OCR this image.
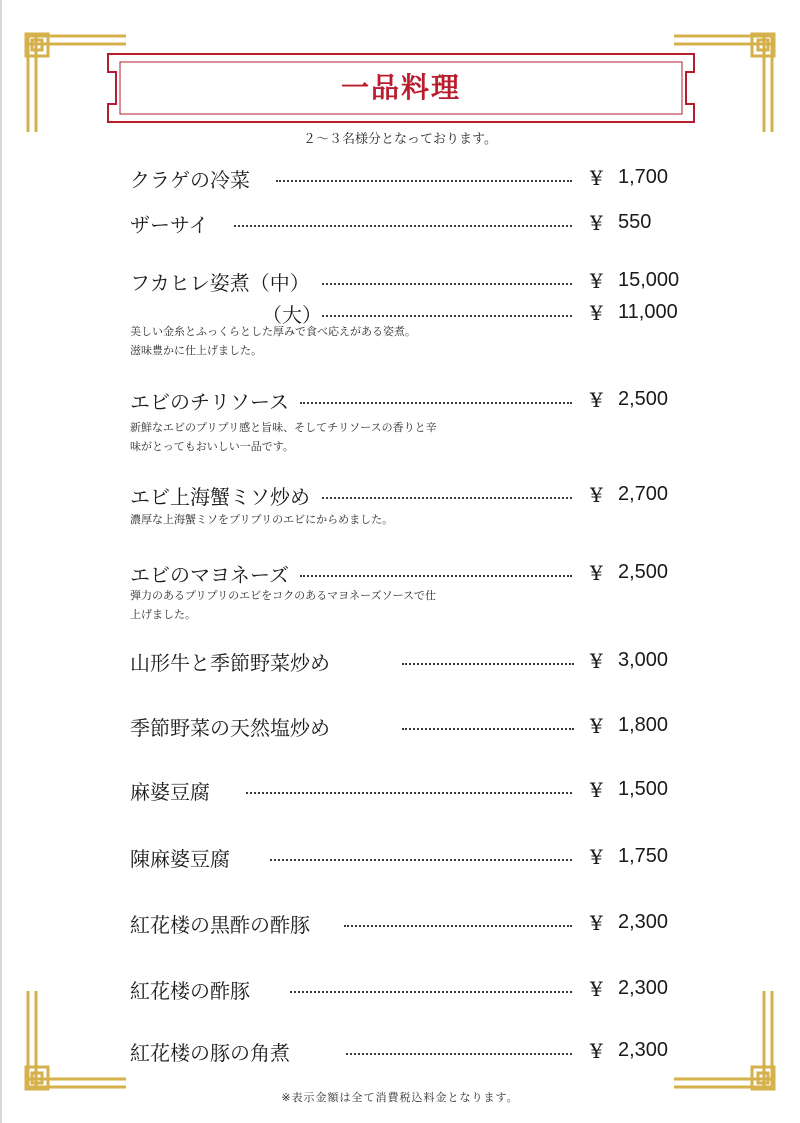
一品料理
２～３名様分となっております。
クラゲの冷菜	¥ 1,700
ザーサイ	¥ 550
フカヒレ姿煮（中）	¥ 15,000
（大）	¥ 11,000
美しい金糸とふっくらとした厚みで食べ応えがある姿煮。
滋味豊かに仕上げました。
エビのチリソース	¥ 2,500
新鮮なエビのプリプリ感と旨味、そしてチリソースの香りと辛
味がとってもおいしい一品です。
エビ上海蟹ミソ炒め	¥ 2,700
濃厚な上海蟹ミソをプリプリのエビにからめました。
エビのマヨネーズ	¥ 2,500
弾力のあるプリプリのエビをコクのあるマヨネーズソースで仕
上げました。
山形牛と季節野菜炒め	¥ 3,000
季節野菜の天然塩炒め	¥ 1,800
麻婆豆腐	¥ 1,500
陳麻婆豆腐	¥ 1,750
紅花楼の黒酢の酢豚	¥ 2,300
紅花楼の酢豚	¥ 2,300
紅花楼の豚の角煮	¥ 2,300
※表示金額は全て消費税込料金となります。
